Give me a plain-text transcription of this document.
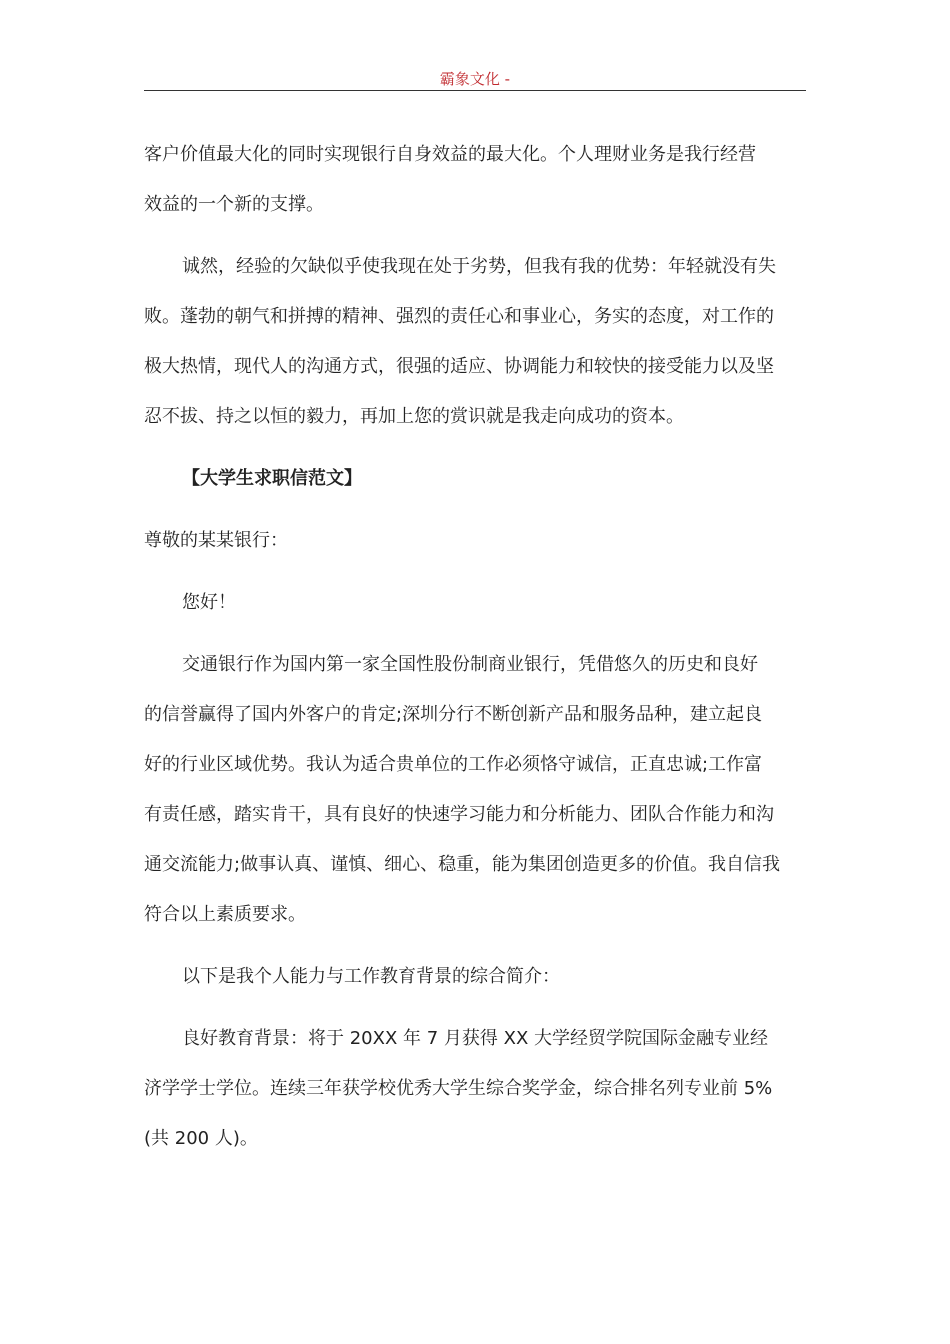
霸象文化 -
客户价值最大化的同时实现银行自身效益的最大化。个人理财业务是我行经营
效益的一个新的支撑。
诚然，经验的欠缺似乎使我现在处于劣势，但我有我的优势：年轻就没有失
败。蓬勃的朝气和拼搏的精神、强烈的责任心和事业心，务实的态度，对工作的
极大热情，现代人的沟通方式，很强的适应、协调能力和较快的接受能力以及坚
忍不拔、持之以恒的毅力，再加上您的赏识就是我走向成功的资本。
【大学生求职信范文】
尊敬的某某银行：
您好！
交通银行作为国内第一家全国性股份制商业银行，凭借悠久的历史和良好
的信誉赢得了国内外客户的肯定;深圳分行不断创新产品和服务品种，建立起良
好的行业区域优势。我认为适合贵单位的工作必须恪守诚信，正直忠诚;工作富
有责任感，踏实肯干，具有良好的快速学习能力和分析能力、团队合作能力和沟
通交流能力;做事认真、谨慎、细心、稳重，能为集团创造更多的价值。我自信我
符合以上素质要求。
以下是我个人能力与工作教育背景的综合简介：
良好教育背景：将于 20XX 年 7 月获得 XX 大学经贸学院国际金融专业经
济学学士学位。连续三年获学校优秀大学生综合奖学金，综合排名列专业前 5%
(共 200 人)。
